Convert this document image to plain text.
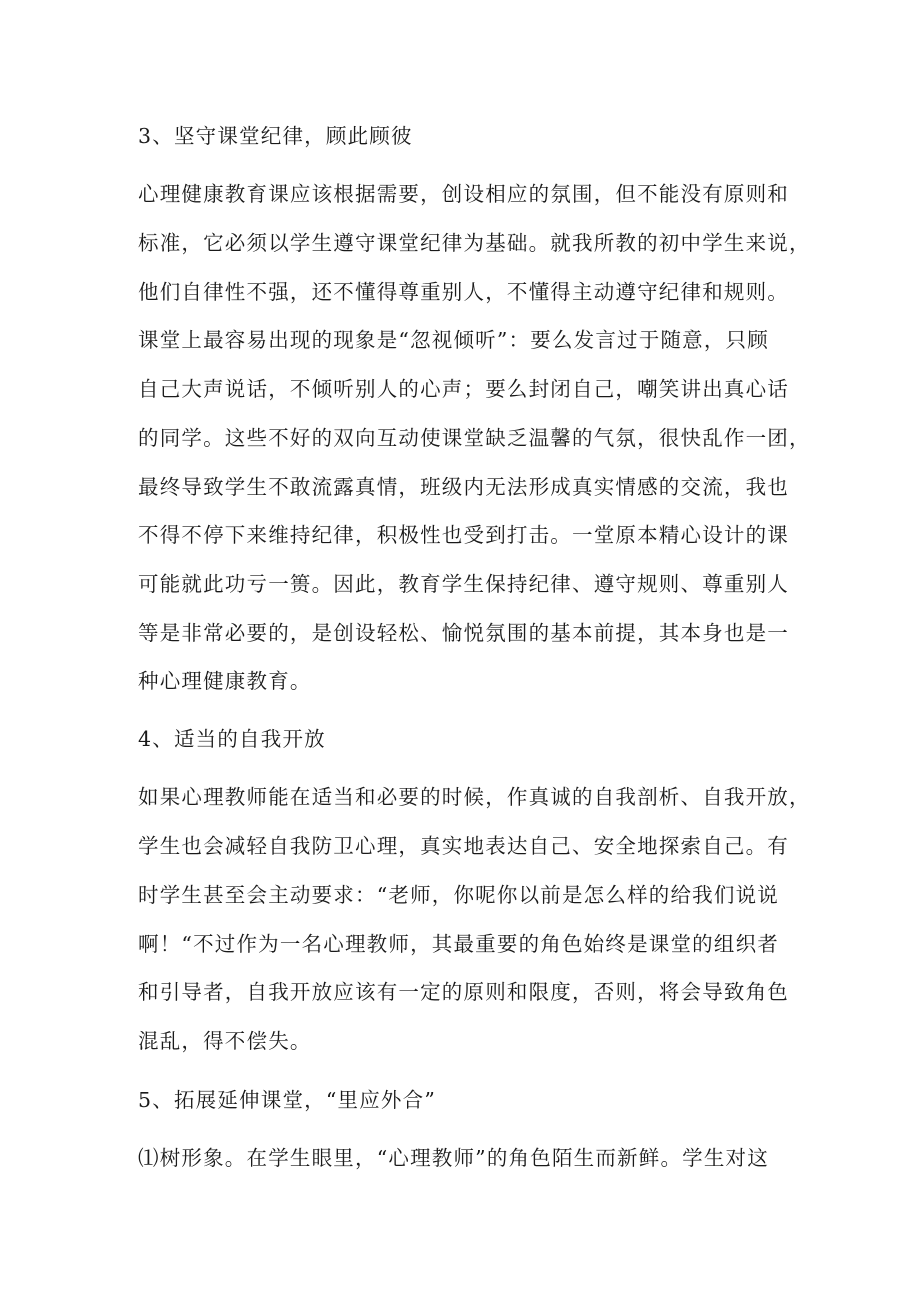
3、坚守课堂纪律，顾此顾彼
心理健康教育课应该根据需要，创设相应的氛围，但不能没有原则和
标准，它必须以学生遵守课堂纪律为基础。就我所教的初中学生来说，
他们自律性不强，还不懂得尊重别人，不懂得主动遵守纪律和规则。
课堂上最容易出现的现象是“忽视倾听”：要么发言过于随意，只顾
自己大声说话，不倾听别人的心声；要么封闭自己，嘲笑讲出真心话
的同学。这些不好的双向互动使课堂缺乏温馨的气氛，很快乱作一团，
最终导致学生不敢流露真情，班级内无法形成真实情感的交流，我也
不得不停下来维持纪律，积极性也受到打击。一堂原本精心设计的课
可能就此功亏一篑。因此，教育学生保持纪律、遵守规则、尊重别人
等是非常必要的，是创设轻松、愉悦氛围的基本前提，其本身也是一
种心理健康教育。
4、适当的自我开放
如果心理教师能在适当和必要的时候，作真诚的自我剖析、自我开放，
学生也会减轻自我防卫心理，真实地表达自己、安全地探索自己。有
时学生甚至会主动要求：“老师，你呢你以前是怎么样的给我们说说
啊！“不过作为一名心理教师，其最重要的角色始终是课堂的组织者
和引导者，自我开放应该有一定的原则和限度，否则，将会导致角色
混乱，得不偿失。
5、拓展延伸课堂，“里应外合”
⑴树形象。在学生眼里，“心理教师”的角色陌生而新鲜。学生对这
